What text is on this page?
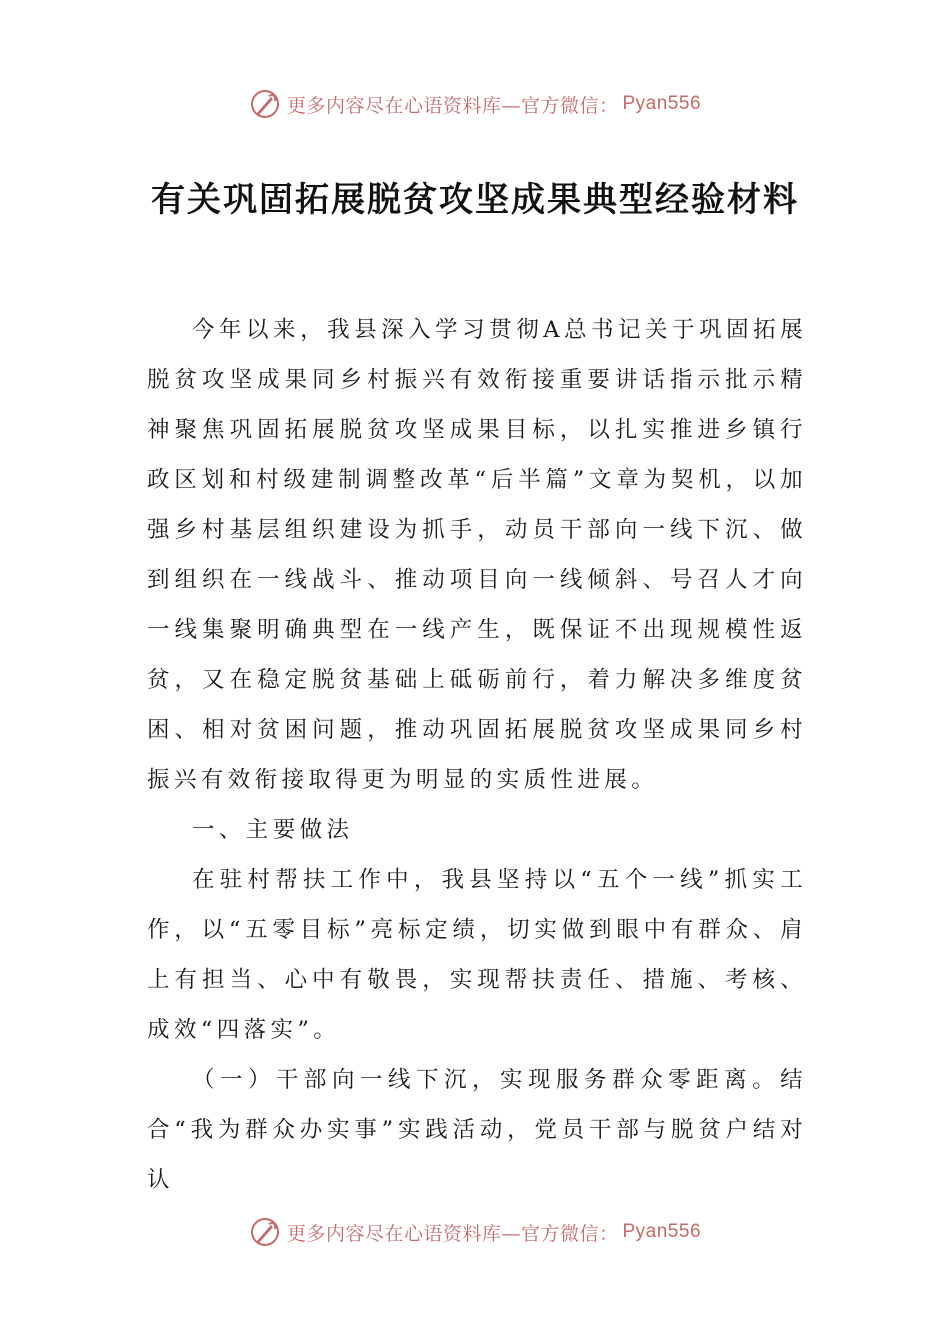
更多内容尽在心语资料库—官方微信： Pyan556
有关巩固拓展脱贫攻坚成果典型经验材料

今年以来，我县深入学习贯彻A总书记关于巩固拓展脱贫攻坚成果同乡村振兴有效衔接重要讲话指示批示精神聚焦巩固拓展脱贫攻坚成果目标，以扎实推进乡镇行政区划和村级建制调整改革“后半篇”文章为契机，以加强乡村基层组织建设为抓手，动员干部向一线下沉、做到组织在一线战斗、推动项目向一线倾斜、号召人才向一线集聚明确典型在一线产生，既保证不出现规模性返贫，又在稳定脱贫基础上砥砺前行，着力解决多维度贫困、相对贫困问题，推动巩固拓展脱贫攻坚成果同乡村振兴有效衔接取得更为明显的实质性进展。

一、主要做法

在驻村帮扶工作中，我县坚持以“五个一线”抓实工作，以“五零目标”亮标定绩，切实做到眼中有群众、肩上有担当、心中有敬畏，实现帮扶责任、措施、考核、成效“四落实”。

（一）干部向一线下沉，实现服务群众零距离。结合“我为群众办实事”实践活动，党员干部与脱贫户结对认

更多内容尽在心语资料库—官方微信： Pyan556
